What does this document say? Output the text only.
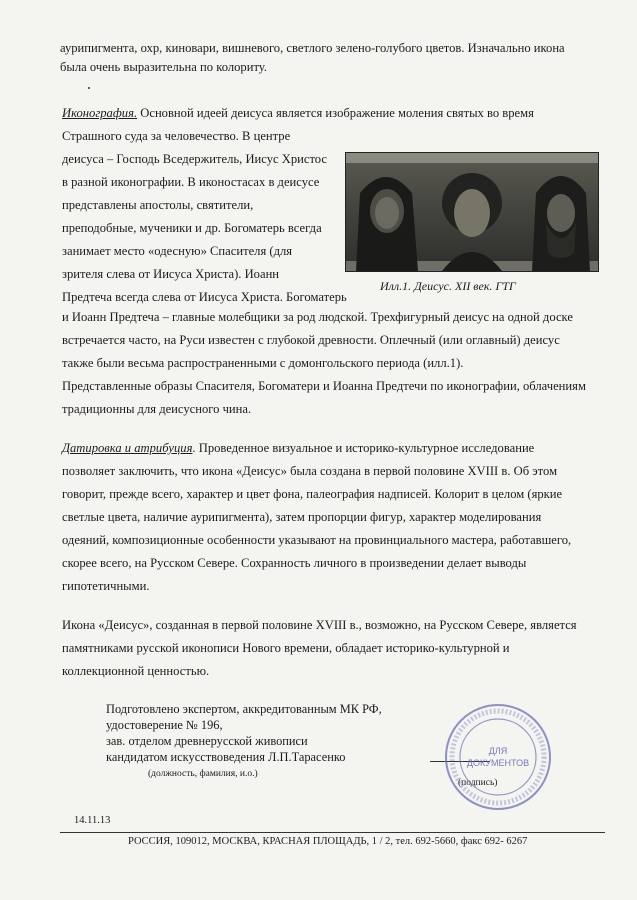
аурипигмента, охр, киновари, вишневого, светлого зелено-голубого цветов. Изначально икона
была очень выразительна по колориту.
Иконография. Основной идеей деисуса является изображение моления святых во время
Страшного суда за человечество. В центре
деисуса – Господь Вседержитель, Иисус Христос
в разной иконографии. В иконостасах в деисусе
представлены апостолы, святители,
преподобные, мученики и др. Богоматерь всегда
занимает место «одесную» Спасителя (для
зрителя слева от Иисуса Христа). Иоанн
Предтеча всегда слева от Иисуса Христа. Богоматерь
и Иоанн Предтеча – главные молебщики за род людской. Трехфигурный деисус на одной доске
встречается часто, на Руси известен с глубокой древности. Оплечный (или оглавный) деисус
также были весьма распространенными с домонгольского периода (илл.1).
Представленные образы Спасителя, Богоматери и Иоанна Предтечи по иконографии, облачениям
традиционны для деисусного чина.
Илл.1. Деисус. XII век. ГТГ
Датировка и атрибуция. Проведенное визуальное и историко-культурное исследование
позволяет заключить, что икона «Деисус» была создана в первой половине XVIII в. Об этом
говорит, прежде всего, характер и цвет фона, палеография надписей. Колорит в целом (яркие
светлые цвета, наличие аурипигмента), затем пропорции фигур, характер моделирования
одеяний, композиционные особенности указывают на провинциального мастера, работавшего,
скорее всего, на Русском Севере. Сохранность личного в произведении делает выводы
гипотетичными.
Икона «Деисус», созданная в первой половине XVIII в., возможно, на Русском Севере, является
памятниками русской иконописи Нового времени, обладает историко-культурной и
коллекционной ценностью.
Подготовлено экспертом, аккредитованным МК РФ,
удостоверение № 196,
зав. отделом древнерусской живописи
кандидатом искусствоведения Л.П.Тарасенко
(должность, фамилия, и.о.)
(подпись)
ДЛЯ
ДОКУМЕНТОВ
14.11.13
РОССИЯ, 109012, МОСКВА, КРАСНАЯ ПЛОЩАДЬ, 1 / 2, тел. 692-5660, факс 692- 6267
